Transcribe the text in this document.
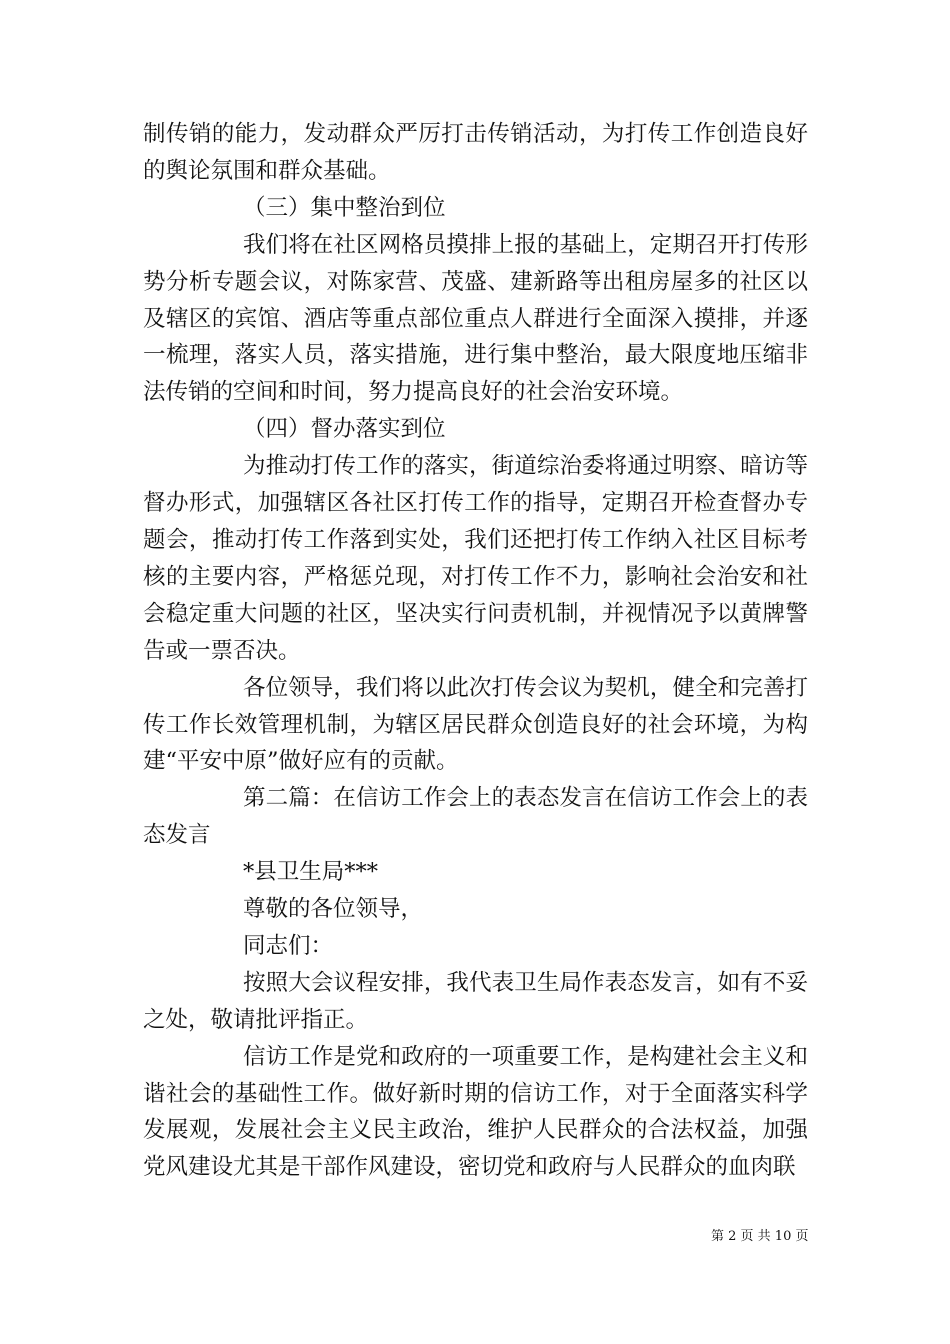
制传销的能力，发动群众严厉打击传销活动，为打传工作创造良好的舆论氛围和群众基础。

（三）集中整治到位

我们将在社区网格员摸排上报的基础上，定期召开打传形势分析专题会议，对陈家营、茂盛、建新路等出租房屋多的社区以及辖区的宾馆、酒店等重点部位重点人群进行全面深入摸排，并逐一梳理，落实人员，落实措施，进行集中整治，最大限度地压缩非法传销的空间和时间，努力提高良好的社会治安环境。

（四）督办落实到位

为推动打传工作的落实，街道综治委将通过明察、暗访等督办形式，加强辖区各社区打传工作的指导，定期召开检查督办专题会，推动打传工作落到实处，我们还把打传工作纳入社区目标考核的主要内容，严格惩兑现，对打传工作不力，影响社会治安和社会稳定重大问题的社区，坚决实行问责机制，并视情况予以黄牌警告或一票否决。

各位领导，我们将以此次打传会议为契机，健全和完善打传工作长效管理机制，为辖区居民群众创造良好的社会环境，为构建“平安中原”做好应有的贡献。

第二篇：在信访工作会上的表态发言在信访工作会上的表态发言

*县卫生局***

尊敬的各位领导，

同志们：

按照大会议程安排，我代表卫生局作表态发言，如有不妥之处，敬请批评指正。

信访工作是党和政府的一项重要工作，是构建社会主义和谐社会的基础性工作。做好新时期的信访工作，对于全面落实科学发展观，发展社会主义民主政治，维护人民群众的合法权益，加强党风建设尤其是干部作风建设，密切党和政府与人民群众的血肉联

第 2 页 共 10 页
